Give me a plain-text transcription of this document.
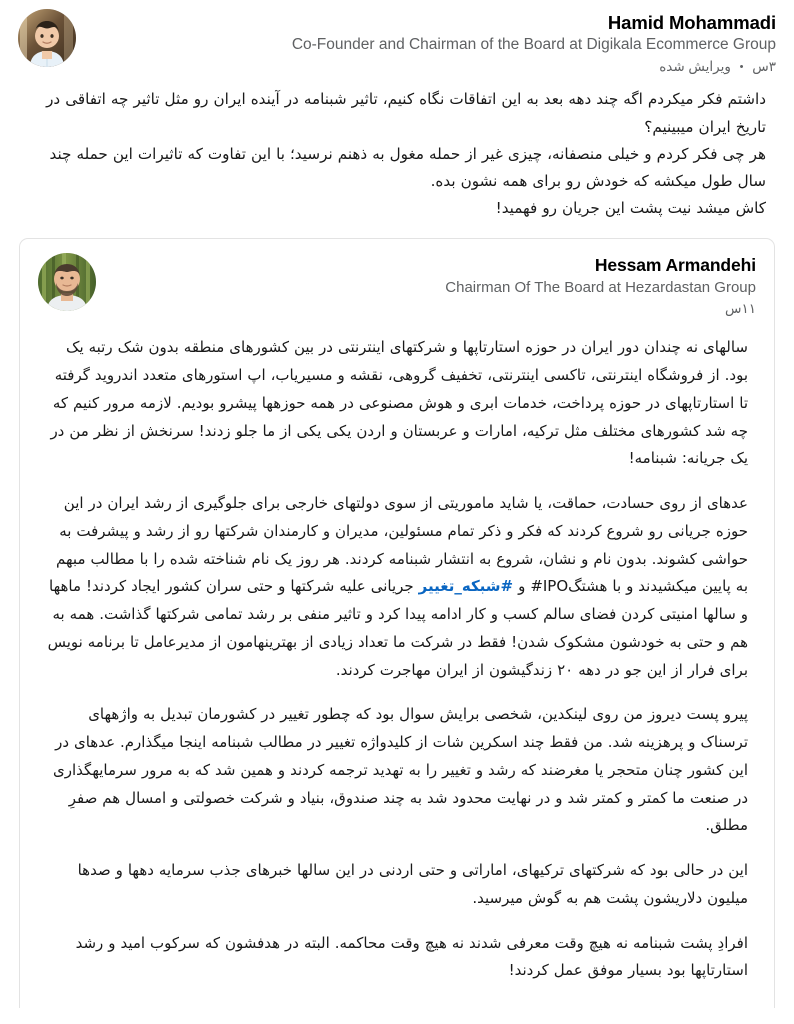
Hamid Mohammadi
Co-Founder and Chairman of the Board at Digikala Ecommerce Group
۳س • ویرایش شده

داشتم فکر میکردم اگه چند دهه بعد به این اتفاقات نگاه کنیم، تاثیر شبنامه در آینده ایران رو مثل تاثیر چه اتفاقی در تاریخ ایران میبینیم؟

هر چی فکر کردم و خیلی منصفانه، چیزی غیر از حمله مغول به ذهنم نرسید؛ با این تفاوت که تاثیرات این حمله چند سال طول میکشه که خودش رو برای همه نشون بده.

کاش میشد نیت پشت این جریان رو فهمید!

Hessam Armandehi
Chairman Of The Board at Hezardastan Group
۱۱س

سالهای نه چندان دور ایران در حوزه استارتاپها و شرکتهای اینترنتی در بین کشورهای منطقه بدون شک رتبه یک بود. از فروشگاه اینترنتی، تاکسی اینترنتی، تخفیف گروهی، نقشه و مسیریاب، اپ استورهای متعدد اندروید گرفته تا استارتاپهای در حوزه پرداخت، خدمات ابری و هوش مصنوعی در همه حوزهها پیشرو بودیم. لازمه مرور کنیم که چه شد کشورهای مختلف مثل ترکیه، امارات و عربستان و اردن یکی یکی از ما جلو زدند! سرنخش از نظر من در یک جریانه: شبنامه!

عدهای از روی حسادت، حماقت، یا شاید ماموریتی از سوی دولتهای خارجی برای جلوگیری از رشد ایران در این حوزه جریانی رو شروع کردند که فکر و ذکر تمام مسئولین، مدیران و کارمندان شرکتها رو از رشد و پیشرفت به حواشی کشوند. بدون نام و نشان، شروع به انتشار شبنامه کردند. هر روز یک نام شناخته شده را با مطالب مبهم به پایین میکشیدند و با هشتگ#IPO و #شبکه_تغییر جریانی علیه شرکتها و حتی سران کشور ایجاد کردند! ماهها و سالها امنیتی کردن فضای سالم کسب و کار ادامه پیدا کرد و تاثیر منفی بر رشد تمامی شرکتها گذاشت. همه به هم و حتی به خودشون مشکوک شدن! فقط در شرکت ما تعداد زیادی از بهترینهامون از مدیرعامل تا برنامه نویس برای فرار از این جو در دهه ۲۰ زندگیشون از ایران مهاجرت کردند.

پیرو پست دیروز من روی لینکدین، شخصی برایش سوال بود که چطور تغییر در کشورمان تبدیل به واژههای ترسناک و پرهزینه شد. من فقط چند اسکرین شات از کلیدواژه تغییر در مطالب شبنامه اینجا میگذارم. عدهای در این کشور چنان متحجر یا مغرضند که رشد و تغییر را به تهدید ترجمه کردند و همین شد که به مرور سرمایهگذاری در صنعت ما کمتر و کمتر شد و در نهایت محدود شد به چند صندوق، بنیاد و شرکت خصولتی و امسال هم صفرِ مطلق.

این در حالی بود که شرکتهای ترکیهای، اماراتی و حتی اردنی در این سالها خبرهای جذب سرمایه دهها و صدها میلیون دلاریشون پشت هم به گوش میرسید.

افرادِ پشت شبنامه نه هیچ وقت معرفی شدند نه هیچ وقت محاکمه. البته در هدفشون که سرکوب امید و رشد استارتاپها بود بسیار موفق عمل کردند!
